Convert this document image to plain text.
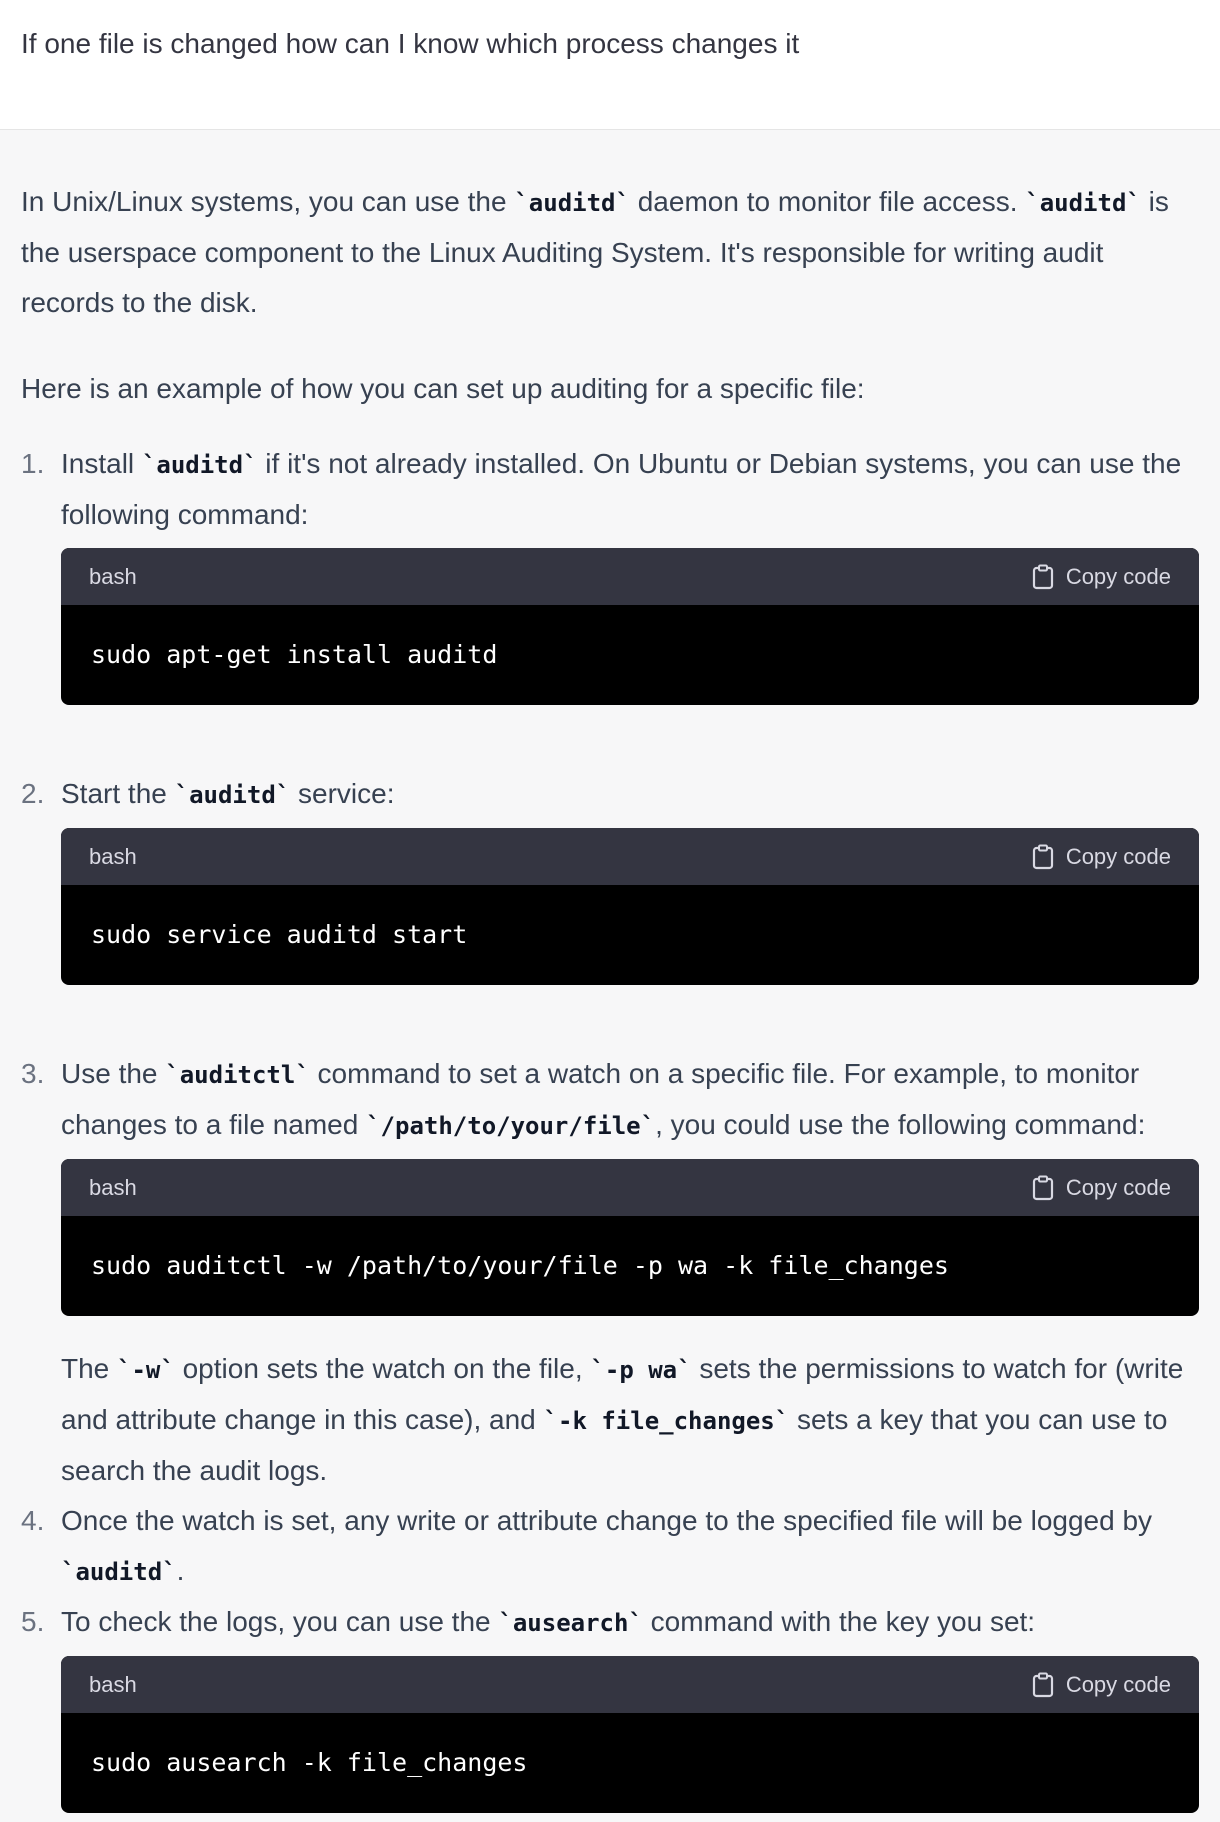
If one file is changed how can I know which process changes it

In Unix/Linux systems, you can use the `auditd` daemon to monitor file access. `auditd` is the userspace component to the Linux Auditing System. It's responsible for writing audit records to the disk.

Here is an example of how you can set up auditing for a specific file:

1. Install `auditd` if it's not already installed. On Ubuntu or Debian systems, you can use the following command:
bash	Copy code
sudo apt-get install auditd
2. Start the `auditd` service:
bash	Copy code
sudo service auditd start
3. Use the `auditctl` command to set a watch on a specific file. For example, to monitor changes to a file named `/path/to/your/file`, you could use the following command:
bash	Copy code
sudo auditctl -w /path/to/your/file -p wa -k file_changes
The `-w` option sets the watch on the file, `-p wa` sets the permissions to watch for (write and attribute change in this case), and `-k file_changes` sets a key that you can use to search the audit logs.
4. Once the watch is set, any write or attribute change to the specified file will be logged by `auditd`.
5. To check the logs, you can use the `ausearch` command with the key you set:
bash	Copy code
sudo ausearch -k file_changes
